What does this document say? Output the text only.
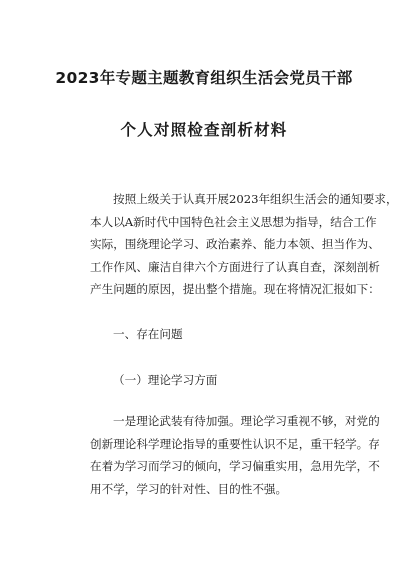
2023年专题主题教育组织生活会党员干部
个人对照检查剖析材料
按照上级关于认真开展2023年组织生活会的通知要求，
本人以A新时代中国特色社会主义思想为指导，结合工作
实际，围绕理论学习、政治素养、能力本领、担当作为、
工作作风、廉洁自律六个方面进行了认真自查，深刻剖析
产生问题的原因，提出整个措施。现在将情况汇报如下：
一、存在问题
（一）理论学习方面
一是理论武装有待加强。理论学习重视不够，对党的
创新理论科学理论指导的重要性认识不足，重干轻学。存
在着为学习而学习的倾向，学习偏重实用，急用先学，不
用不学，学习的针对性、目的性不强。
